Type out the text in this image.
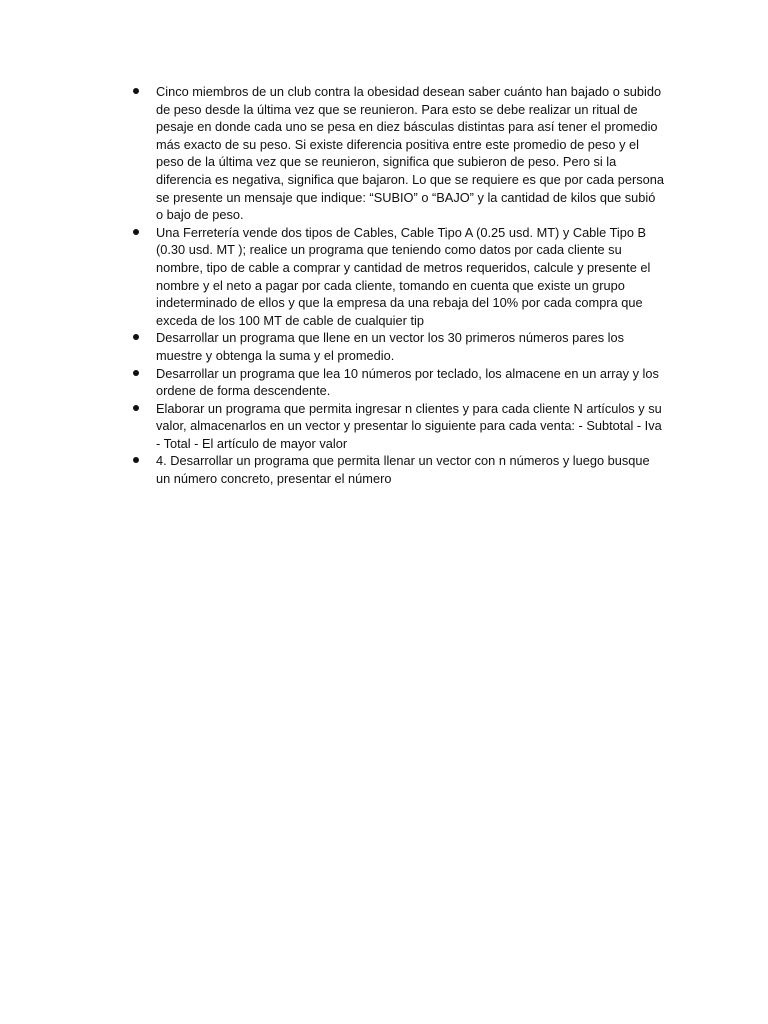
Cinco miembros de un club contra la obesidad desean saber cuánto han bajado o subido de peso desde la última vez que se reunieron. Para esto se debe realizar un ritual de pesaje en donde cada uno se pesa en diez básculas distintas para así tener el promedio más exacto de su peso. Si existe diferencia positiva entre este promedio de peso y el peso de la última vez que se reunieron, significa que subieron de peso. Pero si la diferencia es negativa, significa que bajaron. Lo que se requiere es que por cada persona se presente un mensaje que indique: “SUBIO” o “BAJO” y la cantidad de kilos que subió o bajo de peso.
Una Ferretería vende dos tipos de Cables, Cable Tipo A (0.25 usd. MT) y Cable Tipo B (0.30 usd. MT ); realice un programa que teniendo como datos por cada cliente su nombre, tipo de cable a comprar y cantidad de metros requeridos, calcule y presente el nombre y el neto a pagar por cada cliente, tomando en cuenta que existe un grupo indeterminado de ellos y que la empresa da una rebaja del 10% por cada compra que exceda de los 100 MT de cable de cualquier tip
Desarrollar un programa que llene en un vector los 30 primeros números pares los muestre y obtenga la suma y el promedio.
Desarrollar un programa que lea 10 números por teclado, los almacene en un array y los ordene de forma descendente.
Elaborar un programa que permita ingresar n clientes y para cada cliente N artículos y su valor, almacenarlos en un vector y presentar lo siguiente para cada venta: - Subtotal - Iva - Total - El artículo de mayor valor
4. Desarrollar un programa que permita llenar un vector con n números y luego busque un número concreto, presentar el número
